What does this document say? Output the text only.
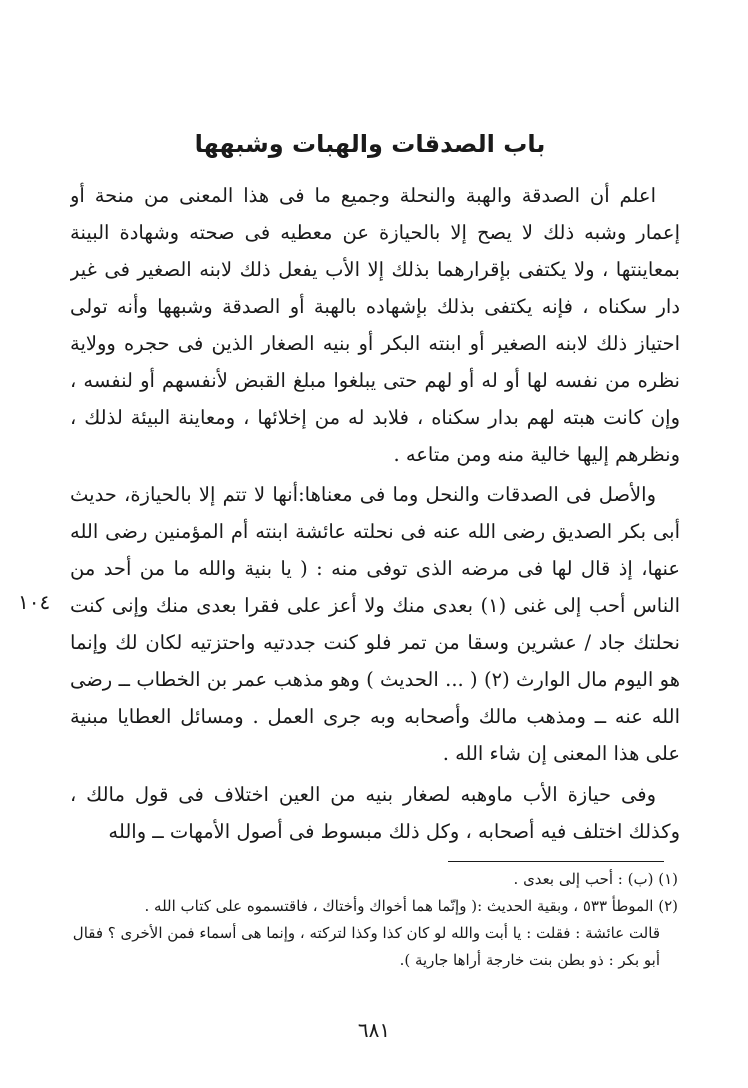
باب الصدقات والهبات وشبهها

اعلم أن الصدقة والهبة والنحلة وجميع ما فى هذا المعنى من منحة أو إعمار وشبه ذلك لا يصح إلا بالحيازة عن معطيه فى صحته وشهادة البينة بمعاينتها ، ولا يكتفى بإقرارهما بذلك إلا الأب يفعل ذلك لابنه الصغير فى غير دار سكناه ، فإنه يكتفى بذلك بإشهاده بالهبة أو الصدقة وشبهها وأنه تولى احتياز ذلك لابنه الصغير أو ابنته البكر أو بنيه الصغار الذين فى حجره وولاية نظره من نفسه لها أو له أو لهم حتى يبلغوا مبلغ القبض لأنفسهم أو لنفسه ، وإن كانت هبته لهم بدار سكناه ، فلابد له من إخلائها ، ومعاينة البيئة لذلك ، ونظرهم إليها خالية منه ومن متاعه .

والأصل فى الصدقات والنحل وما فى معناها:أنها لا تتم إلا بالحيازة، حديث أبى بكر الصديق رضى الله عنه فى نحلته عائشة ابنته أم المؤمنين رضى الله عنها، إذ قال لها فى مرضه الذى توفى منه : ( يا بنية والله ما من أحد من الناس أحب إلى غنى (١) بعدى منك ولا أعز على فقرا بعدى منك وإنى كنت نحلتك جاد / عشرين وسقا من تمر فلو كنت جددتيه واحتزتيه لكان لك وإنما هو اليوم مال الوارث (٢) ( ... الحديث ) وهو مذهب عمر بن الخطاب ــ رضى الله عنه ــ ومذهب مالك وأصحابه وبه جرى العمل . ومسائل العطايا مبنية على هذا المعنى إن شاء الله .

وفى حيازة الأب ماوهبه لصغار بنيه من العين اختلاف فى قول مالك ، وكذلك اختلف فيه أصحابه ، وكل ذلك مبسوط فى أصول الأمهات ــ والله

١٠٤

(١) (ب) : أحب إلى بعدى .

(٢) الموطأ ٥٣٣ ، وبقية الحديث :( وإنّما هما أخواك وأختاك ، فاقتسموه على كتاب الله .

قالت عائشة : فقلت : يا أبت والله لو كان كذا وكذا لتركته ، وإنما هى أسماء فمن الأخرى ؟ فقال أبو بكر : ذو بطن بنت خارجة أراها جارية ).

٦٨١
